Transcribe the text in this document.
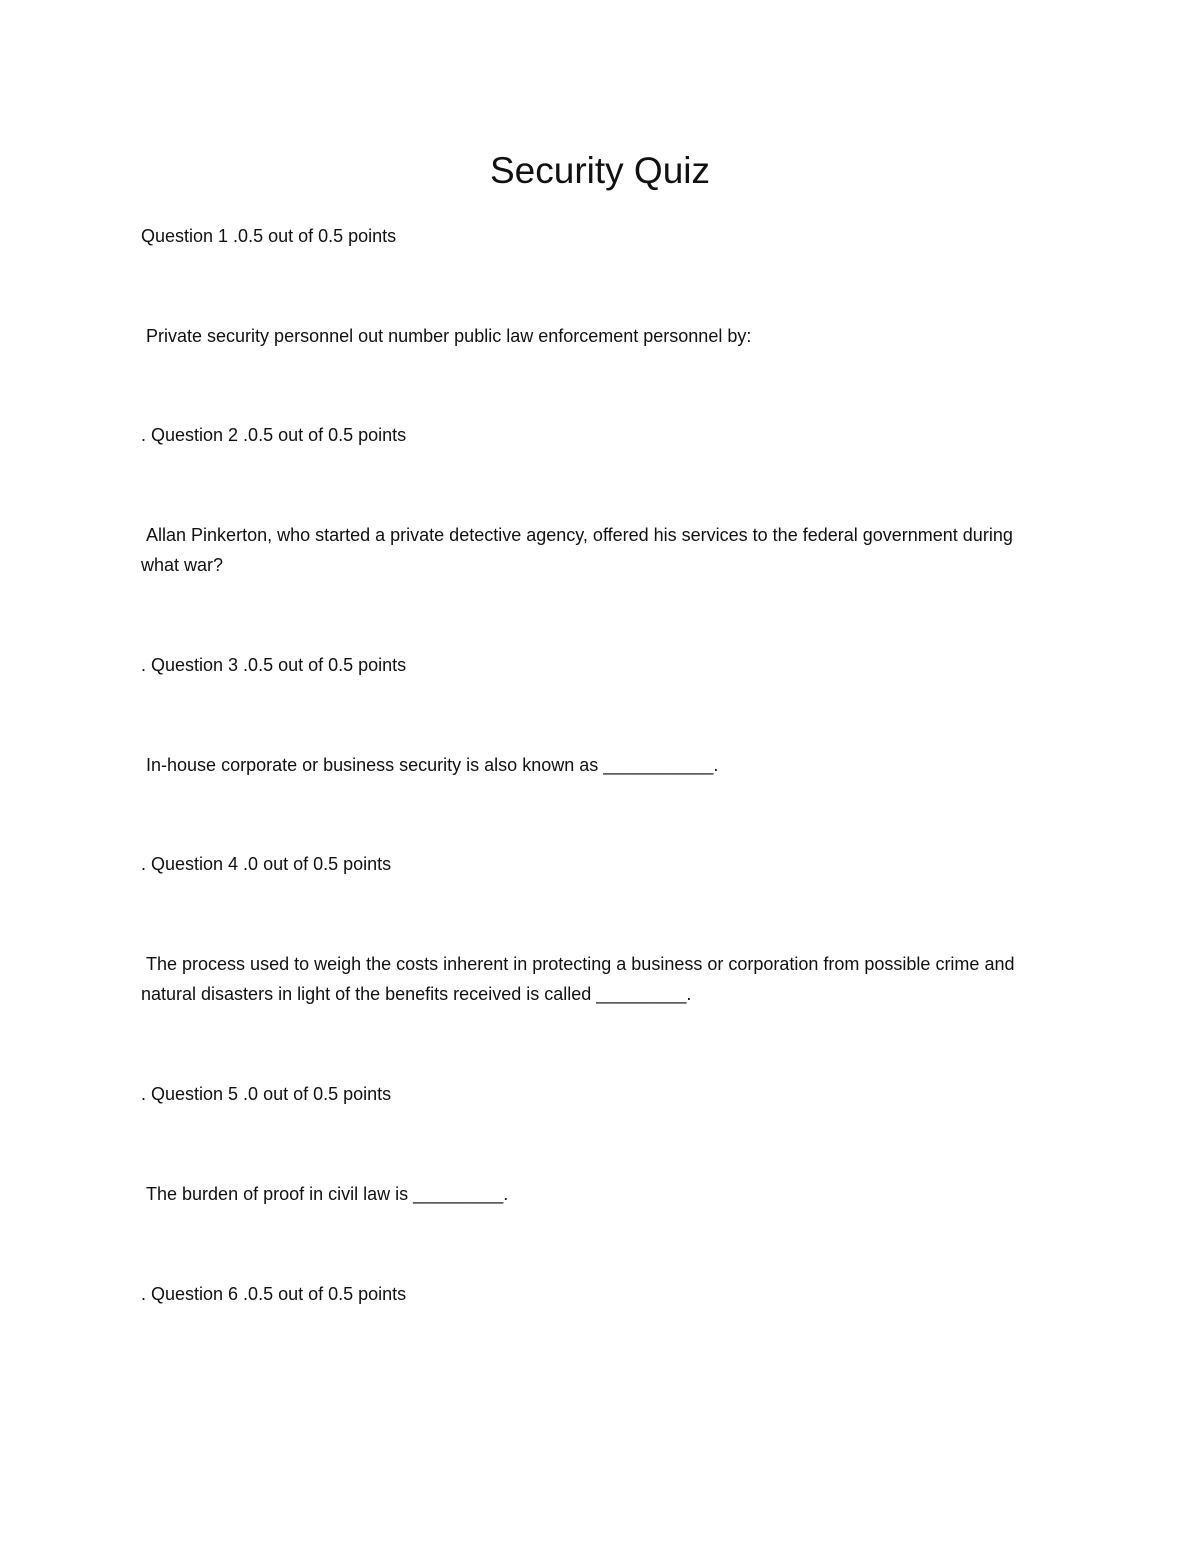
Security Quiz

Question 1 .0.5 out of 0.5 points

Private security personnel out number public law enforcement personnel by:

. Question 2 .0.5 out of 0.5 points

Allan Pinkerton, who started a private detective agency, offered his services to the federal government during what war?

. Question 3 .0.5 out of 0.5 points

In-house corporate or business security is also known as ___________.

. Question 4 .0 out of 0.5 points

The process used to weigh the costs inherent in protecting a business or corporation from possible crime and natural disasters in light of the benefits received is called _________.

. Question 5 .0 out of 0.5 points

The burden of proof in civil law is _________.

. Question 6 .0.5 out of 0.5 points
